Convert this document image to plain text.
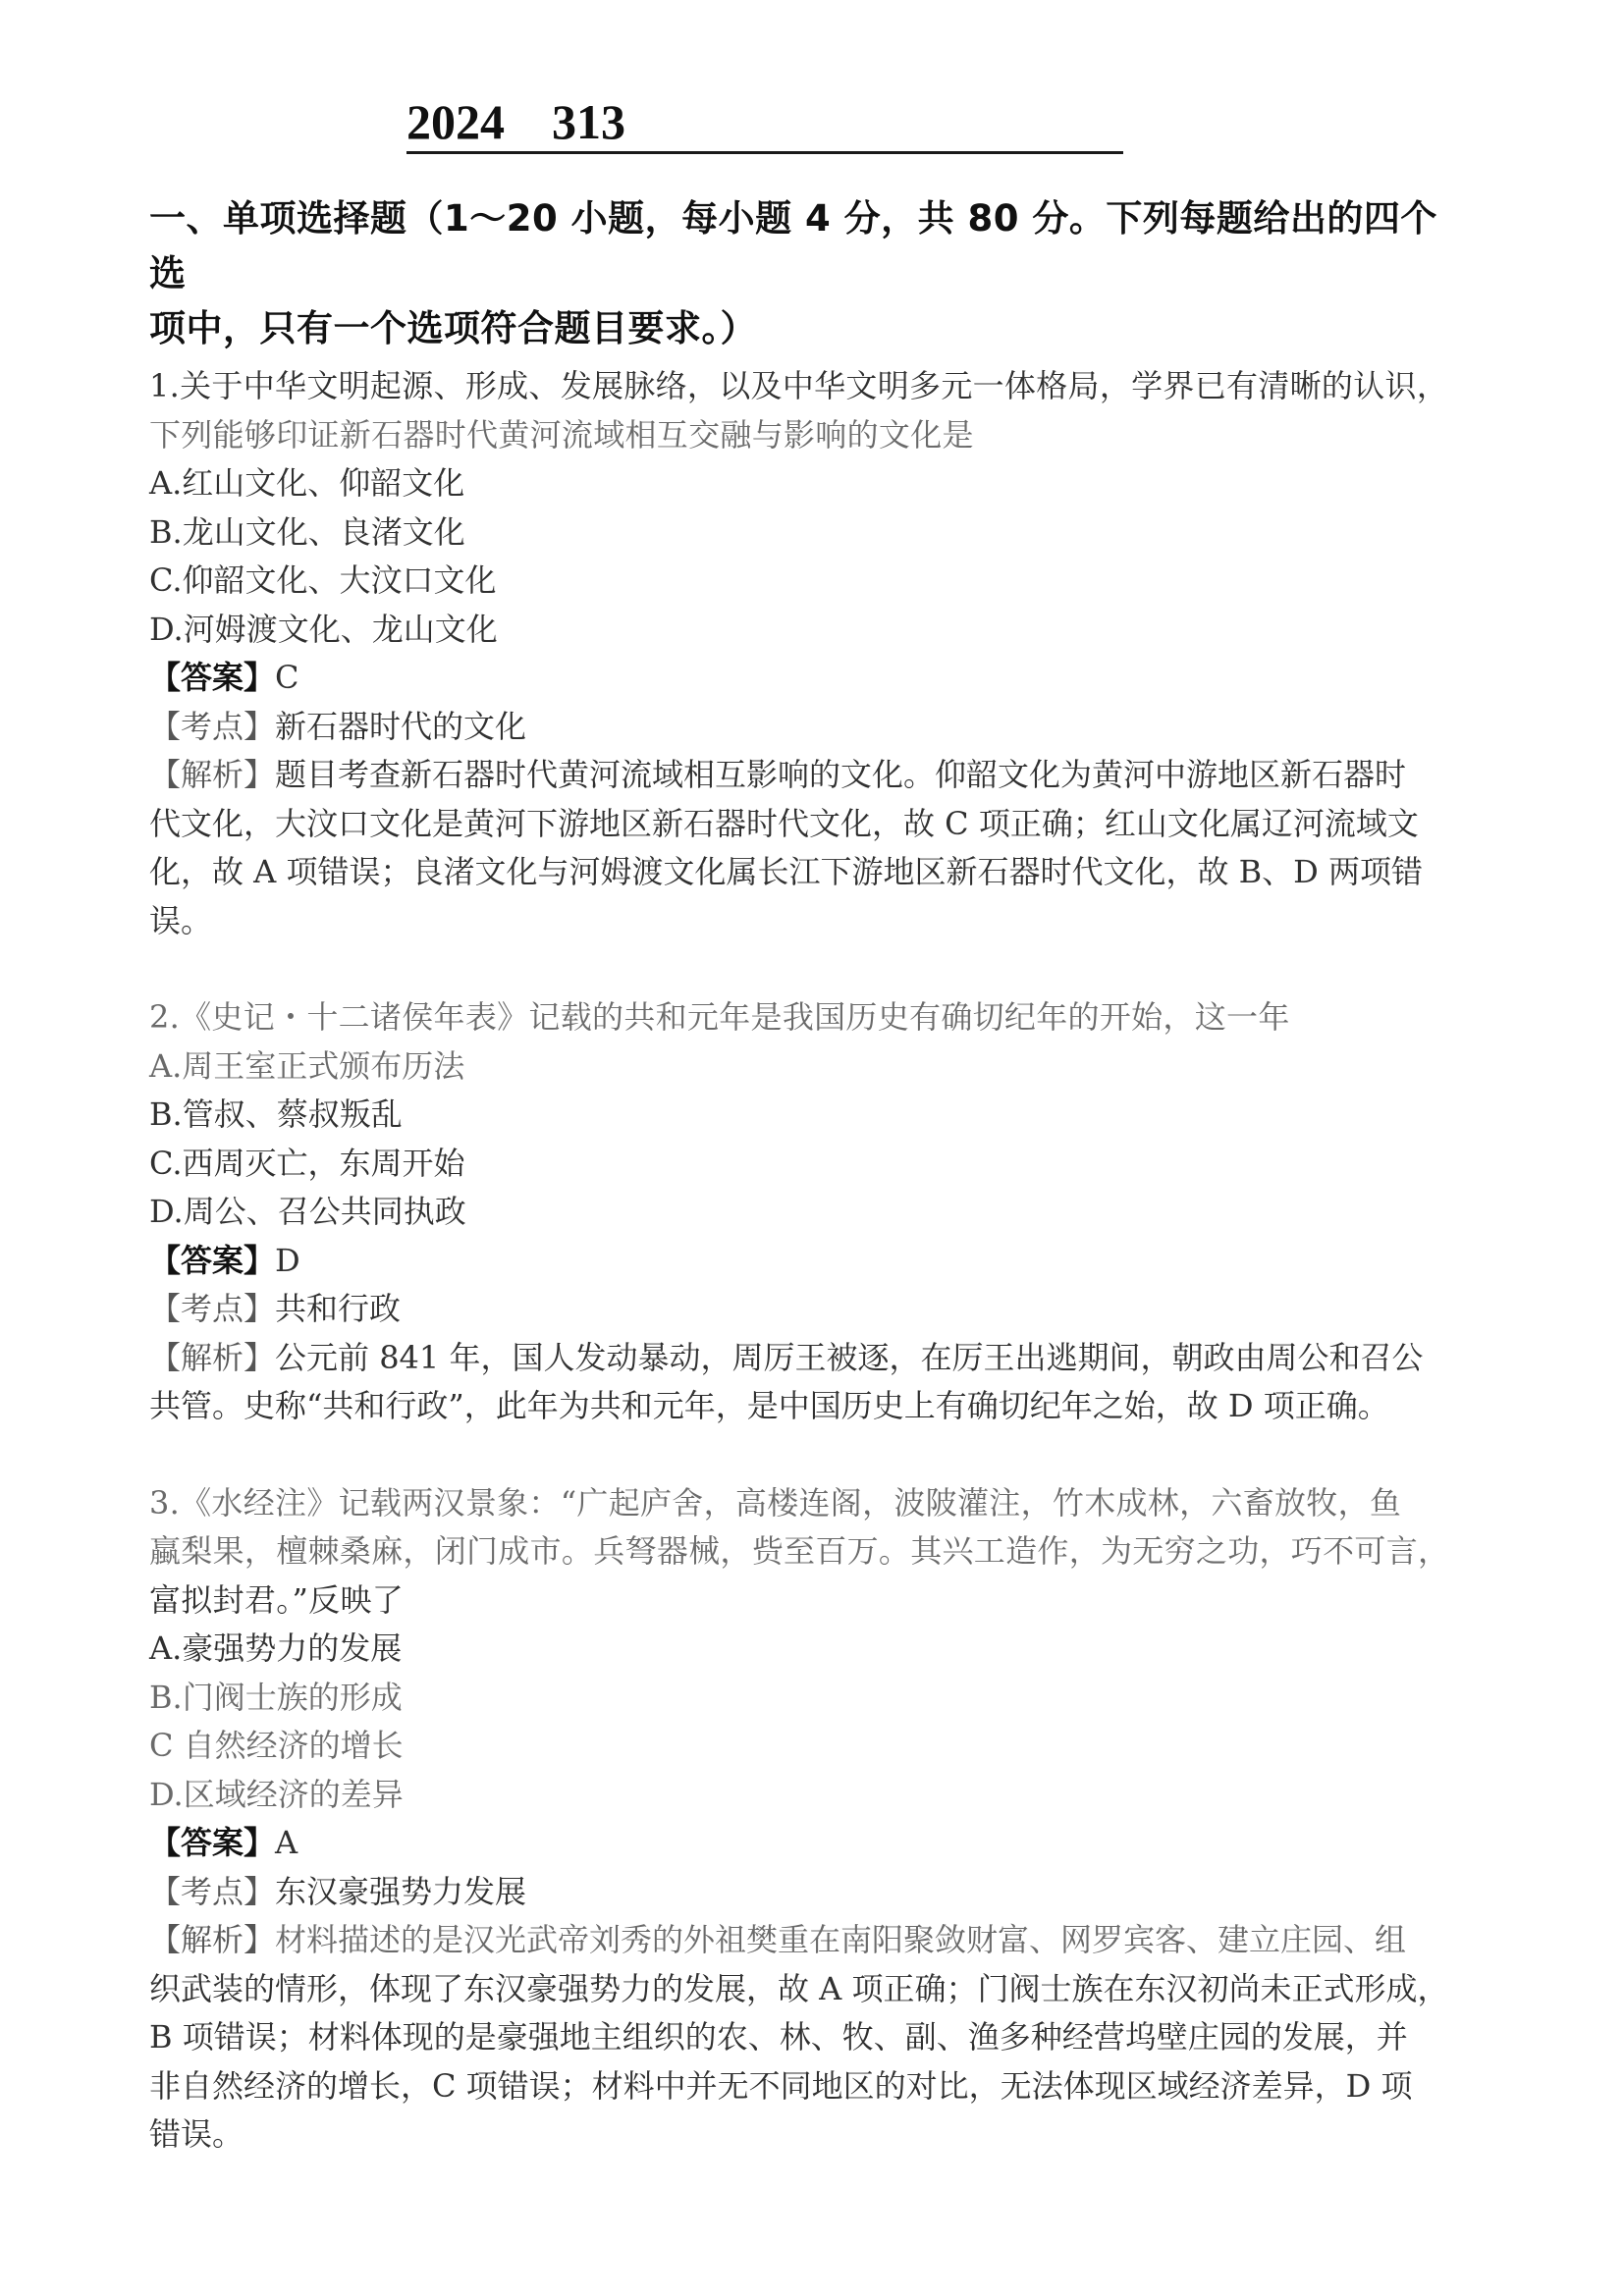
2024 313
一、单项选择题（1～20 小题，每小题 4 分，共 80 分。下列每题给出的四个选
项中，只有一个选项符合题目要求。）
1.关于中华文明起源、形成、发展脉络，以及中华文明多元一体格局，学界已有清晰的认识，
下列能够印证新石器时代黄河流域相互交融与影响的文化是
A.红山文化、仰韶文化
B.龙山文化、良渚文化
C.仰韶文化、大汶口文化
D.河姆渡文化、龙山文化
【答案】C
【考点】新石器时代的文化
【解析】题目考查新石器时代黄河流域相互影响的文化。仰韶文化为黄河中游地区新石器时
代文化，大汶口文化是黄河下游地区新石器时代文化，故 C 项正确；红山文化属辽河流域文
化，故 A 项错误；良渚文化与河姆渡文化属长江下游地区新石器时代文化，故 B、D 两项错
误。
2.《史记・十二诸侯年表》记载的共和元年是我国历史有确切纪年的开始，这一年
A.周王室正式颁布历法
B.管叔、蔡叔叛乱
C.西周灭亡，东周开始
D.周公、召公共同执政
【答案】D
【考点】共和行政
【解析】公元前 841 年，国人发动暴动，周厉王被逐，在厉王出逃期间，朝政由周公和召公
共管。史称“共和行政”，此年为共和元年，是中国历史上有确切纪年之始，故 D 项正确。
3.《水经注》记载两汉景象：“广起庐舍，高楼连阁，波陂灌注，竹木成林，六畜放牧，鱼
蠃梨果，檀棘桑麻，闭门成市。兵弩器械，赀至百万。其兴工造作，为无穷之功，巧不可言，
富拟封君。”反映了
A.豪强势力的发展
B.门阀士族的形成
C 自然经济的增长
D.区域经济的差异
【答案】A
【考点】东汉豪强势力发展
【解析】材料描述的是汉光武帝刘秀的外祖樊重在南阳聚敛财富、网罗宾客、建立庄园、组
织武装的情形，体现了东汉豪强势力的发展，故 A 项正确；门阀士族在东汉初尚未正式形成，
B 项错误；材料体现的是豪强地主组织的农、林、牧、副、渔多种经营坞壁庄园的发展，并
非自然经济的增长，C 项错误；材料中并无不同地区的对比，无法体现区域经济差异，D 项
错误。
